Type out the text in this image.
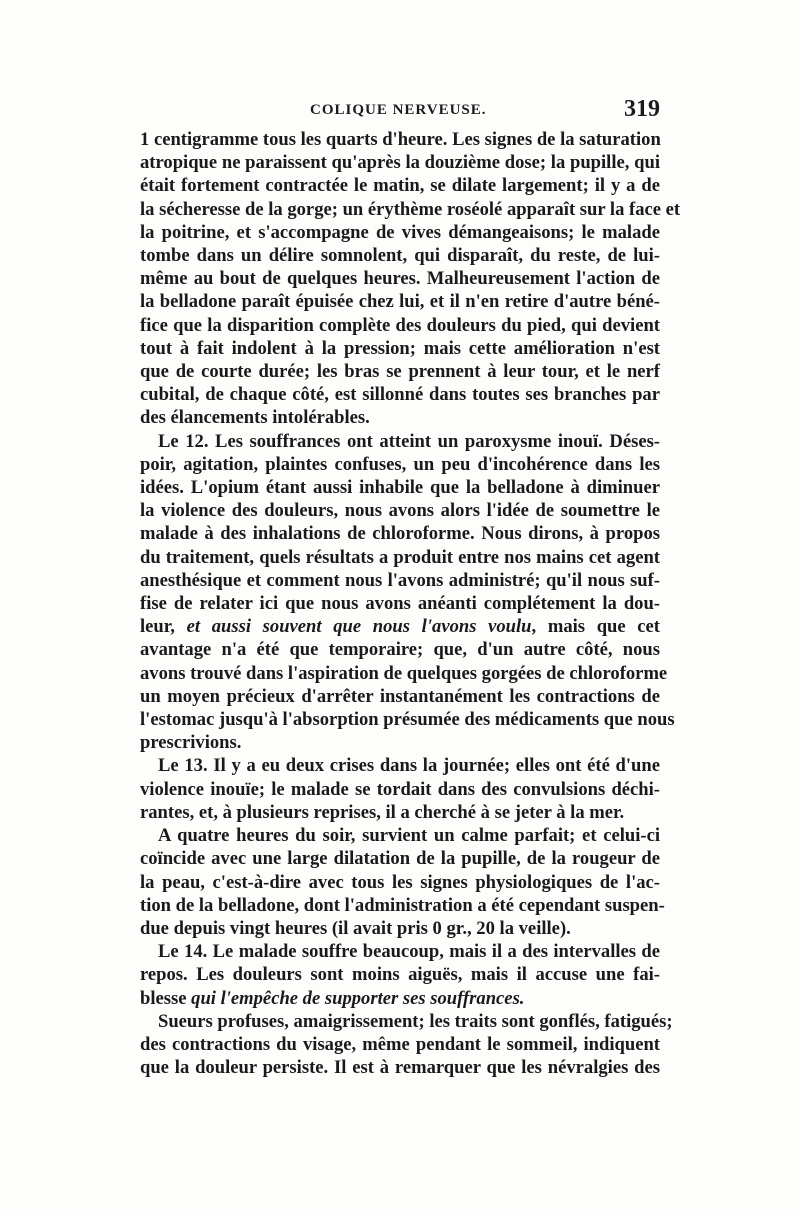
COLIQUE NERVEUSE.	319
1 centigramme tous les quarts d'heure. Les signes de la saturation
atropique ne paraissent qu'après la douzième dose; la pupille, qui
était fortement contractée le matin, se dilate largement; il y a de
la sécheresse de la gorge; un érythème roséolé apparaît sur la face et
la poitrine, et s'accompagne de vives démangeaisons; le malade
tombe dans un délire somnolent, qui disparaît, du reste, de lui-
même au bout de quelques heures. Malheureusement l'action de
la belladone paraît épuisée chez lui, et il n'en retire d'autre béné-
fice que la disparition complète des douleurs du pied, qui devient
tout à fait indolent à la pression; mais cette amélioration n'est
que de courte durée; les bras se prennent à leur tour, et le nerf
cubital, de chaque côté, est sillonné dans toutes ses branches par
des élancements intolérables.
Le 12. Les souffrances ont atteint un paroxysme inouï. Déses-
poir, agitation, plaintes confuses, un peu d'incohérence dans les
idées. L'opium étant aussi inhabile que la belladone à diminuer
la violence des douleurs, nous avons alors l'idée de soumettre le
malade à des inhalations de chloroforme. Nous dirons, à propos
du traitement, quels résultats a produit entre nos mains cet agent
anesthésique et comment nous l'avons administré; qu'il nous suf-
fise de relater ici que nous avons anéanti complétement la dou-
leur, et aussi souvent que nous l'avons voulu, mais que cet
avantage n'a été que temporaire; que, d'un autre côté, nous
avons trouvé dans l'aspiration de quelques gorgées de chloroforme
un moyen précieux d'arrêter instantanément les contractions de
l'estomac jusqu'à l'absorption présumée des médicaments que nous
prescrivions.
Le 13. Il y a eu deux crises dans la journée; elles ont été d'une
violence inouïe; le malade se tordait dans des convulsions déchi-
rantes, et, à plusieurs reprises, il a cherché à se jeter à la mer.
A quatre heures du soir, survient un calme parfait; et celui-ci
coïncide avec une large dilatation de la pupille, de la rougeur de
la peau, c'est-à-dire avec tous les signes physiologiques de l'ac-
tion de la belladone, dont l'administration a été cependant suspen-
due depuis vingt heures (il avait pris 0 gr., 20 la veille).
Le 14. Le malade souffre beaucoup, mais il a des intervalles de
repos. Les douleurs sont moins aiguës, mais il accuse une fai-
blesse qui l'empêche de supporter ses souffrances.
Sueurs profuses, amaigrissement; les traits sont gonflés, fatigués;
des contractions du visage, même pendant le sommeil, indiquent
que la douleur persiste. Il est à remarquer que les névralgies des
